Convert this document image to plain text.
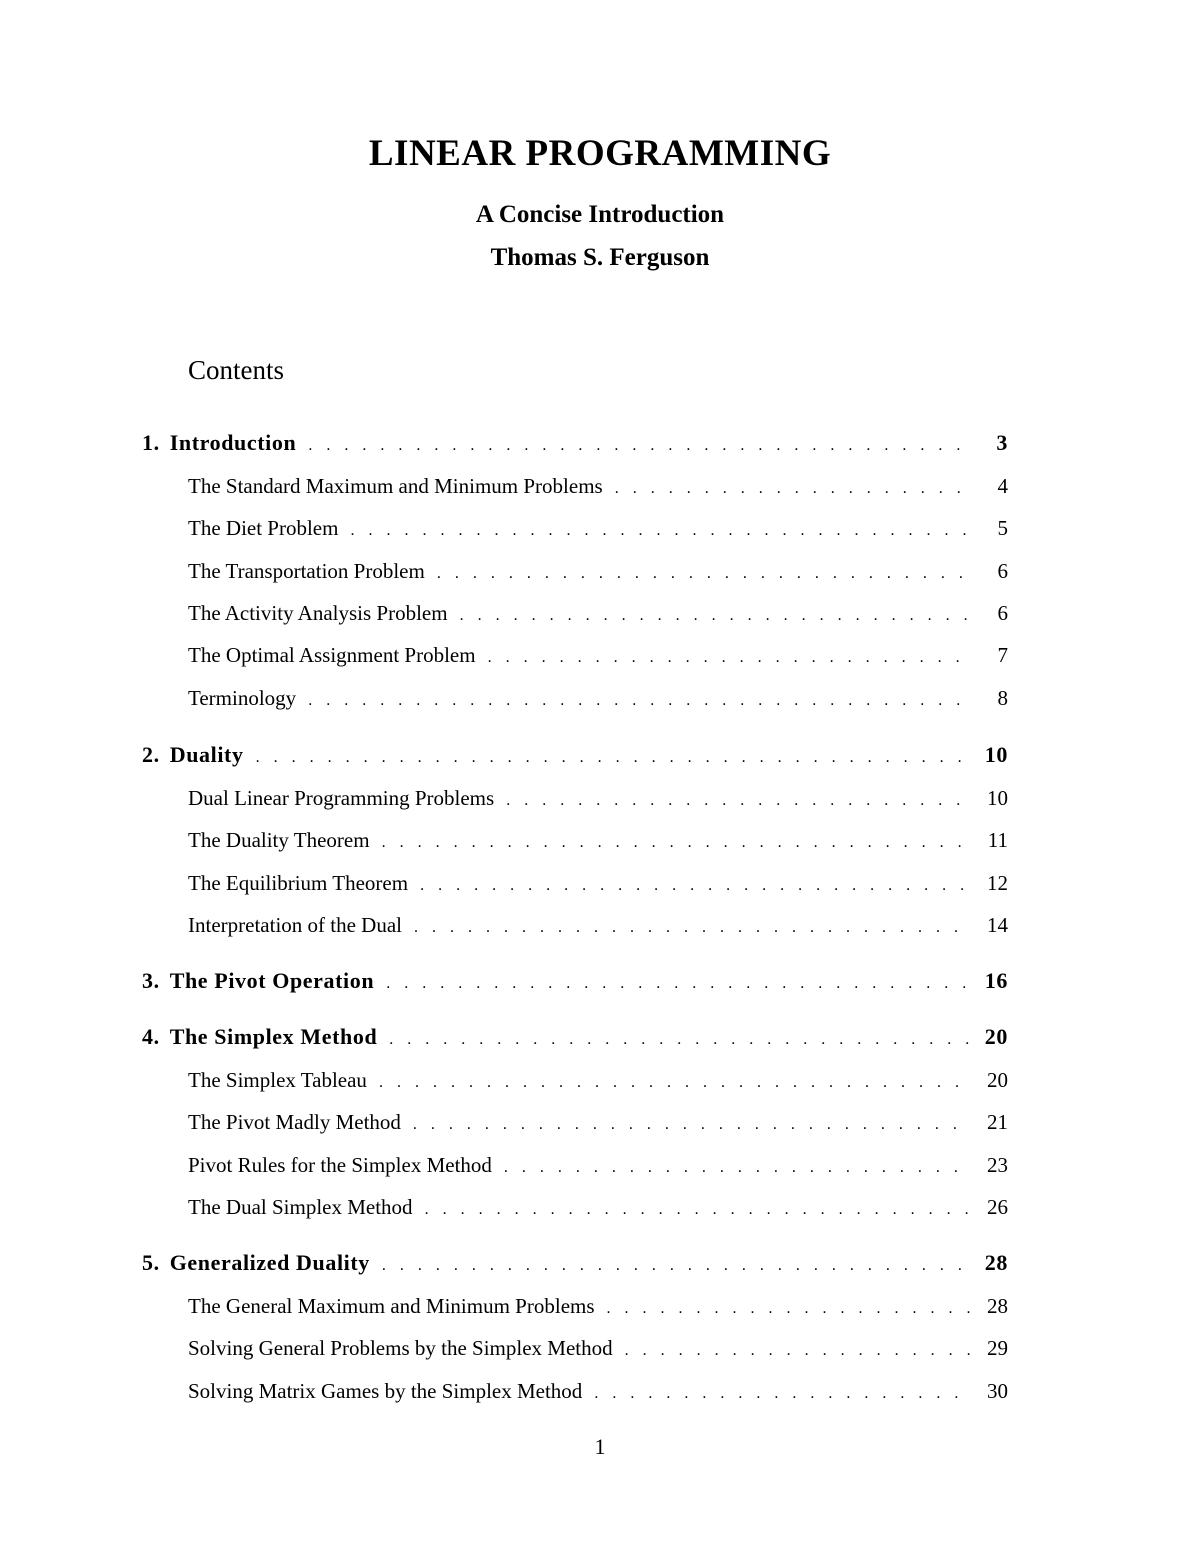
LINEAR PROGRAMMING
A Concise Introduction
Thomas S. Ferguson
Contents
1. Introduction . . .	3
The Standard Maximum and Minimum Problems . . .	4
The Diet Problem . . .	5
The Transportation Problem . . .	6
The Activity Analysis Problem . . .	6
The Optimal Assignment Problem . . .	7
Terminology . . .	8
2. Duality . . .	10
Dual Linear Programming Problems . . .	10
The Duality Theorem . . .	11
The Equilibrium Theorem . . .	12
Interpretation of the Dual . . .	14
3. The Pivot Operation . . .	16
4. The Simplex Method . . .	20
The Simplex Tableau . . .	20
The Pivot Madly Method . . .	21
Pivot Rules for the Simplex Method . . .	23
The Dual Simplex Method . . .	26
5. Generalized Duality . . .	28
The General Maximum and Minimum Problems . . .	28
Solving General Problems by the Simplex Method . . .	29
Solving Matrix Games by the Simplex Method . . .	30
1
